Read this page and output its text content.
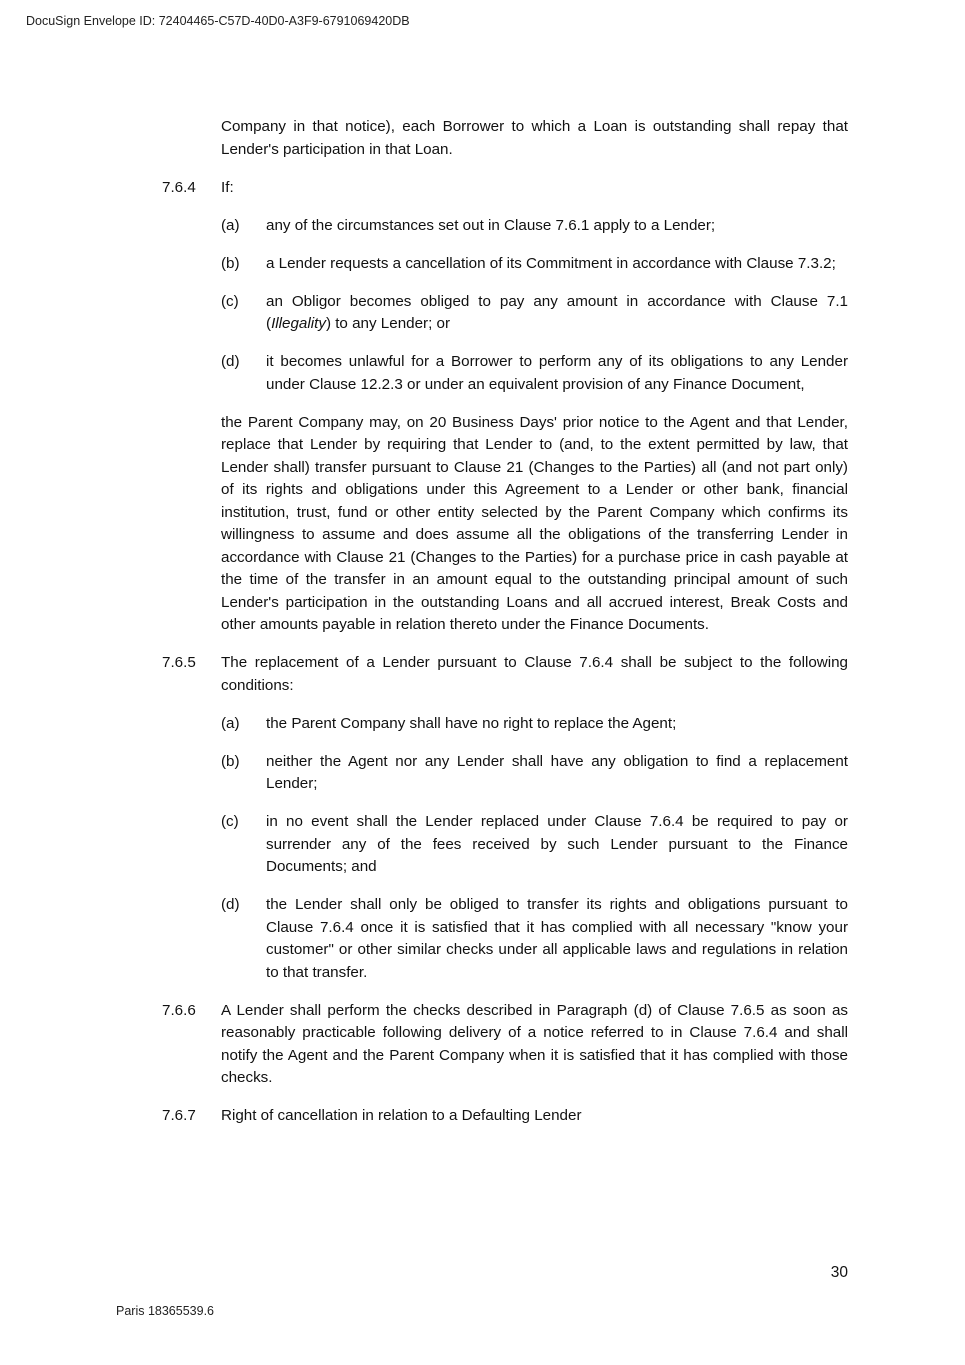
DocuSign Envelope ID: 72404465-C57D-40D0-A3F9-6791069420DB

Company in that notice), each Borrower to which a Loan is outstanding shall repay that Lender's participation in that Loan.

7.6.4	If:
(a)	any of the circumstances set out in Clause 7.6.1 apply to a Lender;
(b)	a Lender requests a cancellation of its Commitment in accordance with Clause 7.3.2;
(c)	an Obligor becomes obliged to pay any amount in accordance with Clause 7.1 (Illegality) to any Lender; or
(d)	it becomes unlawful for a Borrower to perform any of its obligations to any Lender under Clause 12.2.3 or under an equivalent provision of any Finance Document,

the Parent Company may, on 20 Business Days' prior notice to the Agent and that Lender, replace that Lender by requiring that Lender to (and, to the extent permitted by law, that Lender shall) transfer pursuant to Clause 21 (Changes to the Parties) all (and not part only) of its rights and obligations under this Agreement to a Lender or other bank, financial institution, trust, fund or other entity selected by the Parent Company which confirms its willingness to assume and does assume all the obligations of the transferring Lender in accordance with Clause 21 (Changes to the Parties) for a purchase price in cash payable at the time of the transfer in an amount equal to the outstanding principal amount of such Lender's participation in the outstanding Loans and all accrued interest, Break Costs and other amounts payable in relation thereto under the Finance Documents.

7.6.5	The replacement of a Lender pursuant to Clause 7.6.4 shall be subject to the following conditions:
(a)	the Parent Company shall have no right to replace the Agent;
(b)	neither the Agent nor any Lender shall have any obligation to find a replacement Lender;
(c)	in no event shall the Lender replaced under Clause 7.6.4 be required to pay or surrender any of the fees received by such Lender pursuant to the Finance Documents; and
(d)	the Lender shall only be obliged to transfer its rights and obligations pursuant to Clause 7.6.4 once it is satisfied that it has complied with all necessary "know your customer" or other similar checks under all applicable laws and regulations in relation to that transfer.
7.6.6	A Lender shall perform the checks described in Paragraph (d) of Clause 7.6.5 as soon as reasonably practicable following delivery of a notice referred to in Clause 7.6.4 and shall notify the Agent and the Parent Company when it is satisfied that it has complied with those checks.
7.6.7	Right of cancellation in relation to a Defaulting Lender
30
Paris 18365539.6
